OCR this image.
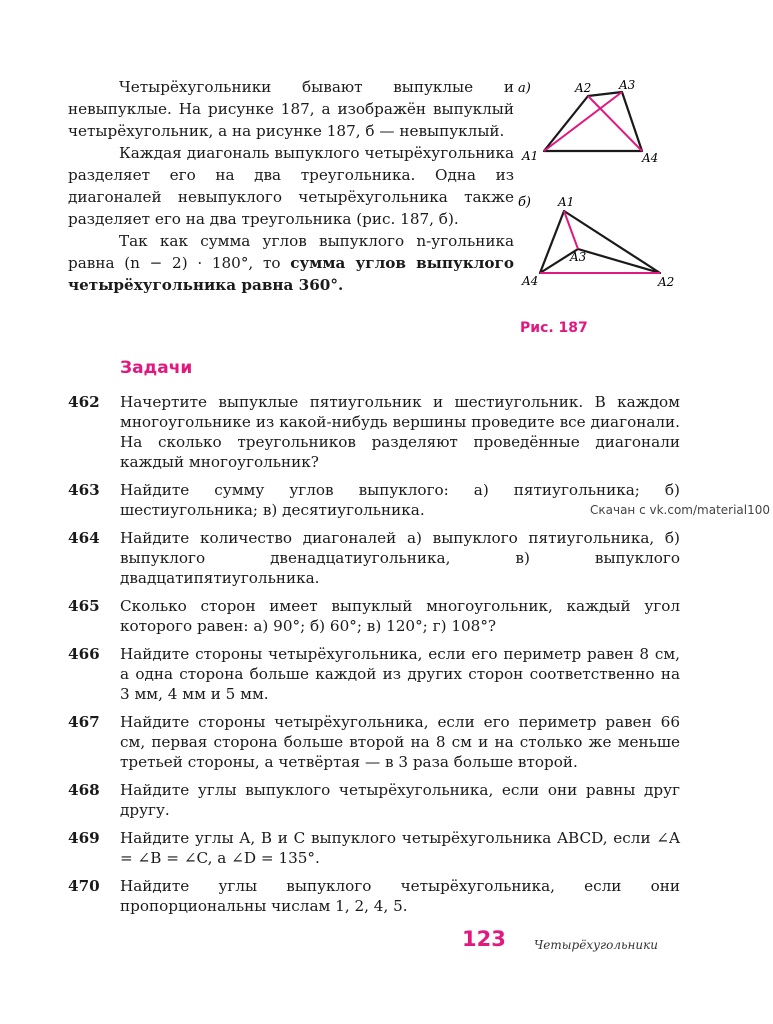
Четырёхугольники бывают выпуклые и невыпуклые. На рисунке 187, а изображён выпуклый четырёхугольник, а на рисунке 187, б — невыпуклый.

Каждая диагональ выпуклого четырёхугольника разделяет его на два треугольника. Одна из диагоналей невыпуклого четырёхугольника также разделяет его на два треугольника (рис. 187, б).

Так как сумма углов выпуклого n-угольника равна (n − 2) · 180°, то сумма углов выпуклого четырёхугольника равна 360°.

а)	A2 A3
A1	A4
б) A1
A3
A4	A2
Рис. 187
Задачи
462	Начертите выпуклые пятиугольник и шестиугольник. В каждом многоугольнике из какой-нибудь вершины проведите все диагонали. На сколько треугольников разделяют проведённые диагонали каждый многоугольник?
463	Найдите сумму углов выпуклого: а) пятиугольника; б) шестиугольника; в) десятиугольника.
464	Найдите количество диагоналей а) выпуклого пятиугольника, б) выпуклого двенадцатиугольника, в) выпуклого двадцатипятиугольника.
465	Сколько сторон имеет выпуклый многоугольник, каждый угол которого равен: а) 90°; б) 60°; в) 120°; г) 108°?
466	Найдите стороны четырёхугольника, если его периметр равен 8 см, а одна сторона больше каждой из других сторон соответственно на 3 мм, 4 мм и 5 мм.
467	Найдите стороны четырёхугольника, если его периметр равен 66 см, первая сторона больше второй на 8 см и на столько же меньше третьей стороны, а четвёртая — в 3 раза больше второй.
468	Найдите углы выпуклого четырёхугольника, если они равны друг другу.
469	Найдите углы A, B и C выпуклого четырёхугольника ABCD, если ∠A = ∠B = ∠C, а ∠D = 135°.
470	Найдите углы выпуклого четырёхугольника, если они пропорциональны числам 1, 2, 4, 5.
Скачан с vk.com/material100
123 Четырёхугольники
